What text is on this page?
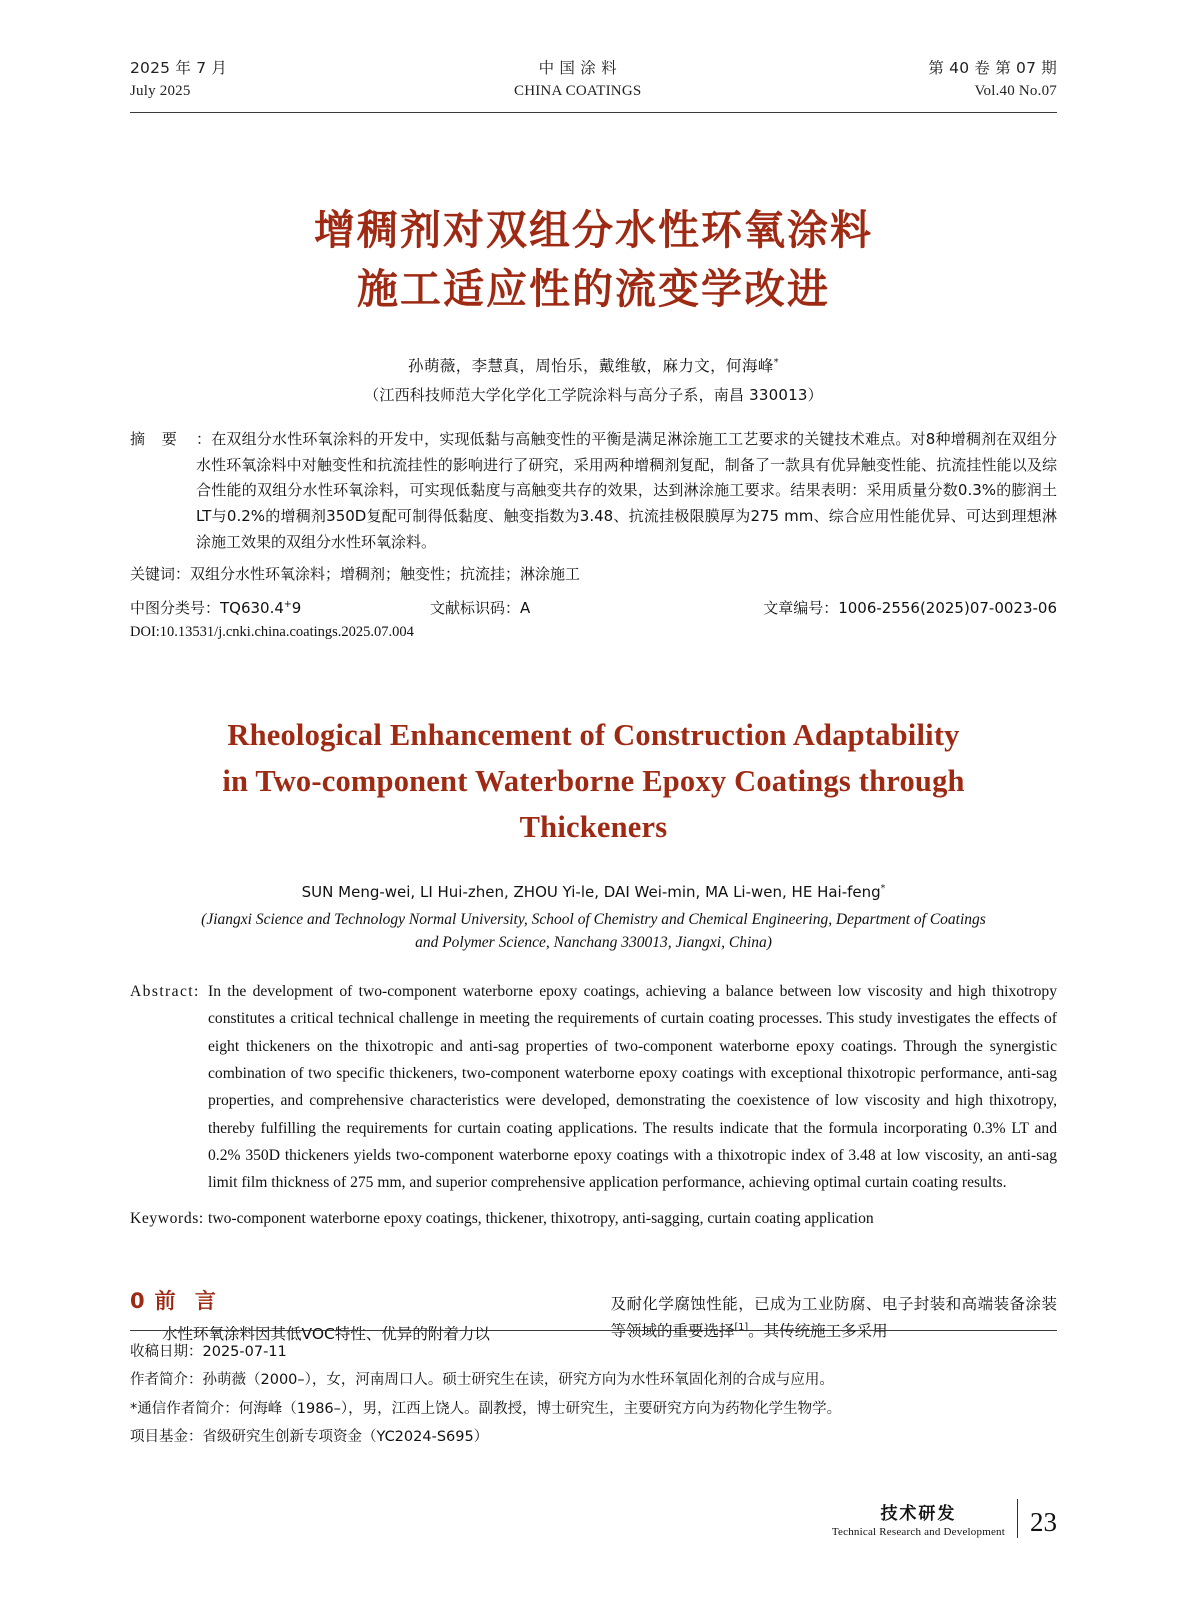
2025 年 7 月
July 2025
中 国 涂 料
CHINA COATINGS
第 40 卷 第 07 期
Vol.40 No.07
增稠剂对双组分水性环氧涂料
施工适应性的流变学改进
孙萌薇，李慧真，周怡乐，戴维敏，麻力文，何海峰*
（江西科技师范大学化学化工学院涂料与高分子系，南昌 330013）
摘 要 ：在双组分水性环氧涂料的开发中，实现低黏与高触变性的平衡是满足淋涂施工工艺要求的关键技术难点。对8种增稠剂在双组分水性环氧涂料中对触变性和抗流挂性的影响进行了研究，采用两种增稠剂复配，制备了一款具有优异触变性能、抗流挂性能以及综合性能的双组分水性环氧涂料，可实现低黏度与高触变共存的效果，达到淋涂施工要求。结果表明：采用质量分数0.3%的膨润土LT与0.2%的增稠剂350D复配可制得低黏度、触变指数为3.48、抗流挂极限膜厚为275 mm、综合应用性能优异、可达到理想淋涂施工效果的双组分水性环氧涂料。
关键词：双组分水性环氧涂料；增稠剂；触变性；抗流挂；淋涂施工
中图分类号：TQ630.4+9	文献标识码：A	文章编号：1006-2556(2025)07-0023-06
DOI:10.13531/j.cnki.china.coatings.2025.07.004
Rheological Enhancement of Construction Adaptability
in Two-component Waterborne Epoxy Coatings through
Thickeners
SUN Meng-wei, LI Hui-zhen, ZHOU Yi-le, DAI Wei-min, MA Li-wen, HE Hai-feng*
(Jiangxi Science and Technology Normal University, School of Chemistry and Chemical Engineering, Department of Coatings
and Polymer Science, Nanchang 330013, Jiangxi, China)
Abstract: In the development of two-component waterborne epoxy coatings, achieving a balance between low viscosity and high thixotropy constitutes a critical technical challenge in meeting the requirements of curtain coating processes. This study investigates the effects of eight thickeners on the thixotropic and anti-sag properties of two-component waterborne epoxy coatings. Through the synergistic combination of two specific thickeners, two-component waterborne epoxy coatings with exceptional thixotropic performance, anti-sag properties, and comprehensive characteristics were developed, demonstrating the coexistence of low viscosity and high thixotropy, thereby fulfilling the requirements for curtain coating applications. The results indicate that the formula incorporating 0.3% LT and 0.2% 350D thickeners yields two-component waterborne epoxy coatings with a thixotropic index of 3.48 at low viscosity, an anti-sag limit film thickness of 275 mm, and superior comprehensive application performance, achieving optimal curtain coating results.
Keywords: two-component waterborne epoxy coatings, thickener, thixotropy, anti-sagging, curtain coating application
0前 言
水性环氧涂料因其低VOC特性、优异的附着力以
及耐化学腐蚀性能，已成为工业防腐、电子封装和高端装备涂装等领域的重要选择[1]。其传统施工多采用
收稿日期：2025-07-11
作者简介：孙萌薇（2000–），女，河南周口人。硕士研究生在读，研究方向为水性环氧固化剂的合成与应用。
*通信作者简介：何海峰（1986–），男，江西上饶人。副教授，博士研究生，主要研究方向为药物化学生物学。
项目基金：省级研究生创新专项资金（YC2024-S695）
技术研发
Technical Research and Development 23
